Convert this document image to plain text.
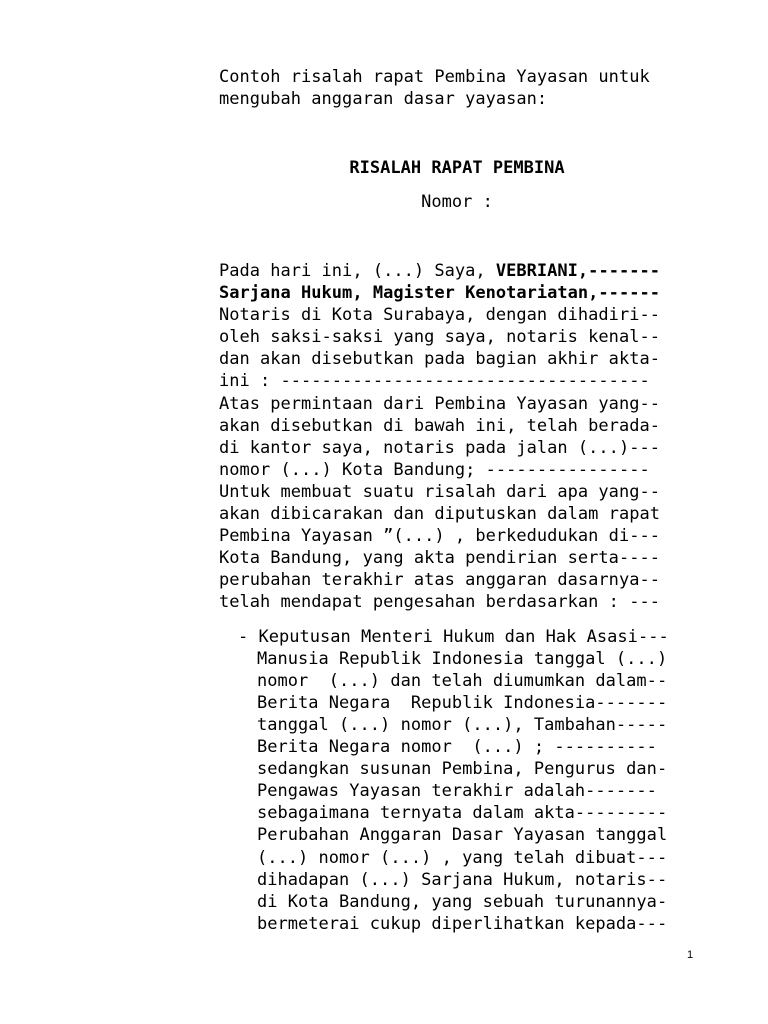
Contoh risalah rapat Pembina Yayasan untuk
mengubah anggaran dasar yayasan:
RISALAH RAPAT PEMBINA
Nomor :
Pada hari ini, (...) Saya, VEBRIANI,-------
Sarjana Hukum, Magister Kenotariatan,------
Notaris di Kota Surabaya, dengan dihadiri--
oleh saksi-saksi yang saya, notaris kenal--
dan akan disebutkan pada bagian akhir akta-
ini : ------------------------------------
Atas permintaan dari Pembina Yayasan yang--
akan disebutkan di bawah ini, telah berada-
di kantor saya, notaris pada jalan (...)---
nomor (...) Kota Bandung; ----------------
Untuk membuat suatu risalah dari apa yang--
akan dibicarakan dan diputuskan dalam rapat
Pembina Yayasan ”(...) , berkedudukan di---
Kota Bandung, yang akta pendirian serta----
perubahan terakhir atas anggaran dasarnya--
telah mendapat pengesahan berdasarkan : ---
- Keputusan Menteri Hukum dan Hak Asasi---
Manusia Republik Indonesia tanggal (...)
nomor  (...) dan telah diumumkan dalam--
Berita Negara  Republik Indonesia-------
tanggal (...) nomor (...), Tambahan-----
Berita Negara nomor  (...) ; ----------
sedangkan susunan Pembina, Pengurus dan-
Pengawas Yayasan terakhir adalah-------
sebagaimana ternyata dalam akta---------
Perubahan Anggaran Dasar Yayasan tanggal
(...) nomor (...) , yang telah dibuat---
dihadapan (...) Sarjana Hukum, notaris--
di Kota Bandung, yang sebuah turunannya-
bermeterai cukup diperlihatkan kepada---
1
